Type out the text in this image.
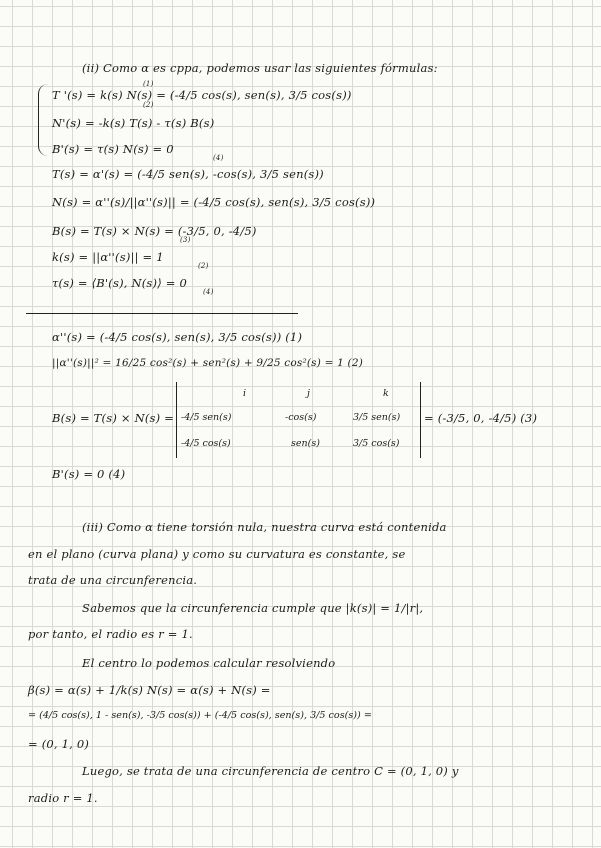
(ii) Como α es cppa, podemos usar las siguientes fórmulas:
T '(s) = k(s) N(s) = (-4/5 cos(s), sen(s), 3/5 cos(s))
N'(s) = -k(s) T(s) - τ(s) B(s)
B'(s) = τ(s) N(s) = 0
(1)
(2)
(4)
T(s) = α'(s) = (-4/5 sen(s), -cos(s), 3/5 sen(s))
N(s) = α''(s)/||α''(s)|| = (-4/5 cos(s), sen(s), 3/5 cos(s))
B(s) = T(s) × N(s) = (-3/5, 0, -4/5)
(3)
k(s) = ||α''(s)|| = 1
(2)
τ(s) = ⟨B'(s), N(s)⟩ = 0
(4)
α''(s) = (-4/5 cos(s), sen(s), 3/5 cos(s)) (1)
||α''(s)||² = 16/25 cos²(s) + sen²(s) + 9/25 cos²(s) = 1 (2)
B(s) = T(s) × N(s) =
i	j	k
-4/5 sen(s)	-cos(s)	3/5 sen(s)
-4/5 cos(s)	sen(s)	3/5 cos(s)
= (-3/5, 0, -4/5) (3)
B'(s) = 0 (4)
(iii) Como α tiene torsión nula, nuestra curva está contenida
en el plano (curva plana) y como su curvatura es constante, se
trata de una circunferencia.
Sabemos que la circunferencia cumple que |k(s)| = 1/|r|,
por tanto, el radio es r = 1.
El centro lo podemos calcular resolviendo
β(s) = α(s) + 1/k(s) N(s) = α(s) + N(s) =
= (4/5 cos(s), 1 - sen(s), -3/5 cos(s)) + (-4/5 cos(s), sen(s), 3/5 cos(s)) =
= (0, 1, 0)
Luego, se trata de una circunferencia de centro C = (0, 1, 0) y
radio r = 1.
